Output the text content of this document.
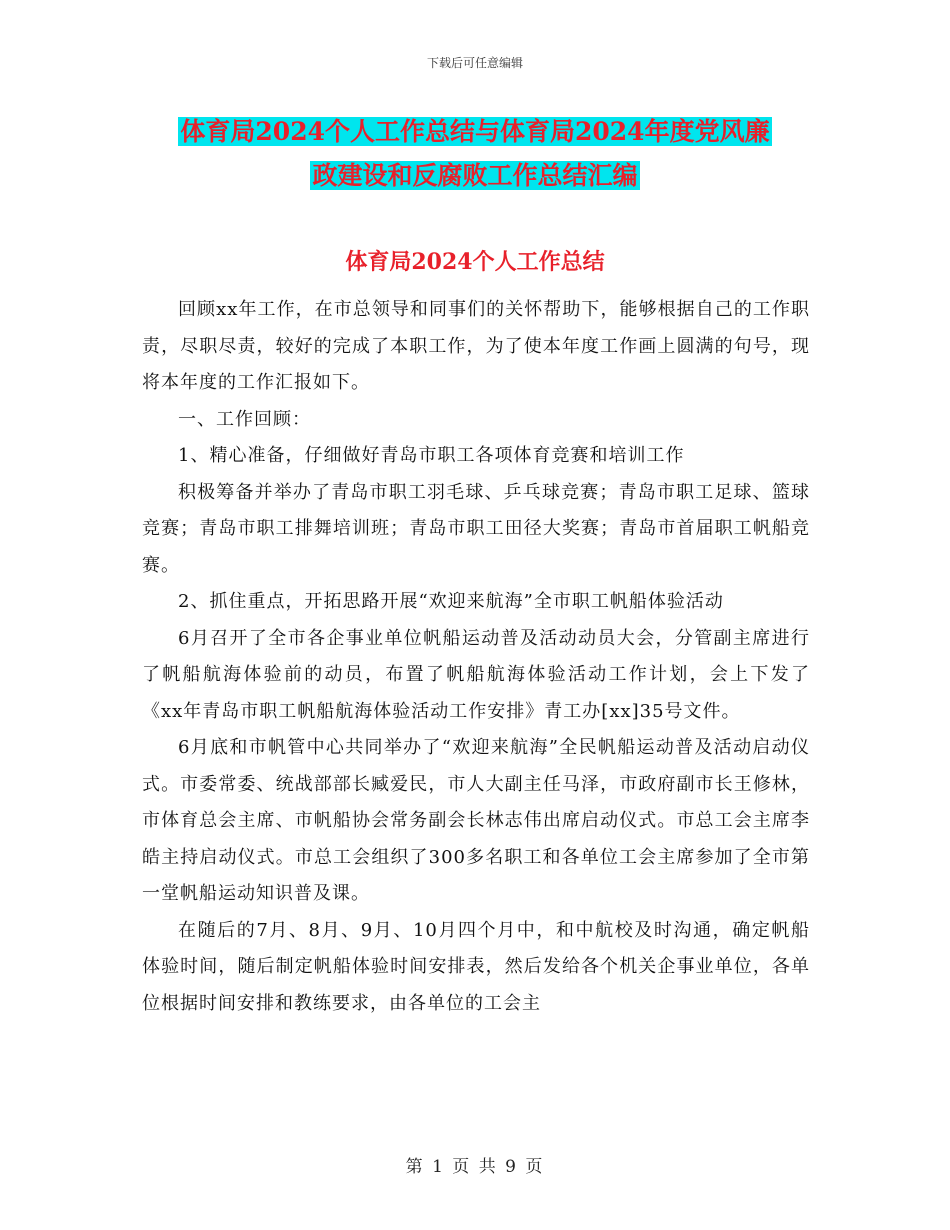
下载后可任意编辑
体育局2024个人工作总结与体育局2024年度党风廉
政建设和反腐败工作总结汇编
体育局2024个人工作总结

回顾xx年工作，在市总领导和同事们的关怀帮助下，能够根据自己的工作职责，尽职尽责，较好的完成了本职工作，为了使本年度工作画上圆满的句号，现将本年度的工作汇报如下。

一、工作回顾：

1、精心准备，仔细做好青岛市职工各项体育竞赛和培训工作

积极筹备并举办了青岛市职工羽毛球、乒乓球竞赛；青岛市职工足球、篮球竞赛；青岛市职工排舞培训班；青岛市职工田径大奖赛；青岛市首届职工帆船竞赛。

2、抓住重点，开拓思路开展“欢迎来航海”全市职工帆船体验活动

6月召开了全市各企事业单位帆船运动普及活动动员大会，分管副主席进行了帆船航海体验前的动员，布置了帆船航海体验活动工作计划，会上下发了《xx年青岛市职工帆船航海体验活动工作安排》青工办[xx]35号文件。

6月底和市帆管中心共同举办了“欢迎来航海”全民帆船运动普及活动启动仪式。市委常委、统战部部长臧爱民，市人大副主任马泽，市政府副市长王修林，市体育总会主席、市帆船协会常务副会长林志伟出席启动仪式。市总工会主席李皓主持启动仪式。市总工会组织了300多名职工和各单位工会主席参加了全市第一堂帆船运动知识普及课。

在随后的7月、8月、9月、10月四个月中，和中航校及时沟通，确定帆船体验时间，随后制定帆船体验时间安排表，然后发给各个机关企事业单位，各单位根据时间安排和教练要求，由各单位的工会主

第 1 页 共 9 页
